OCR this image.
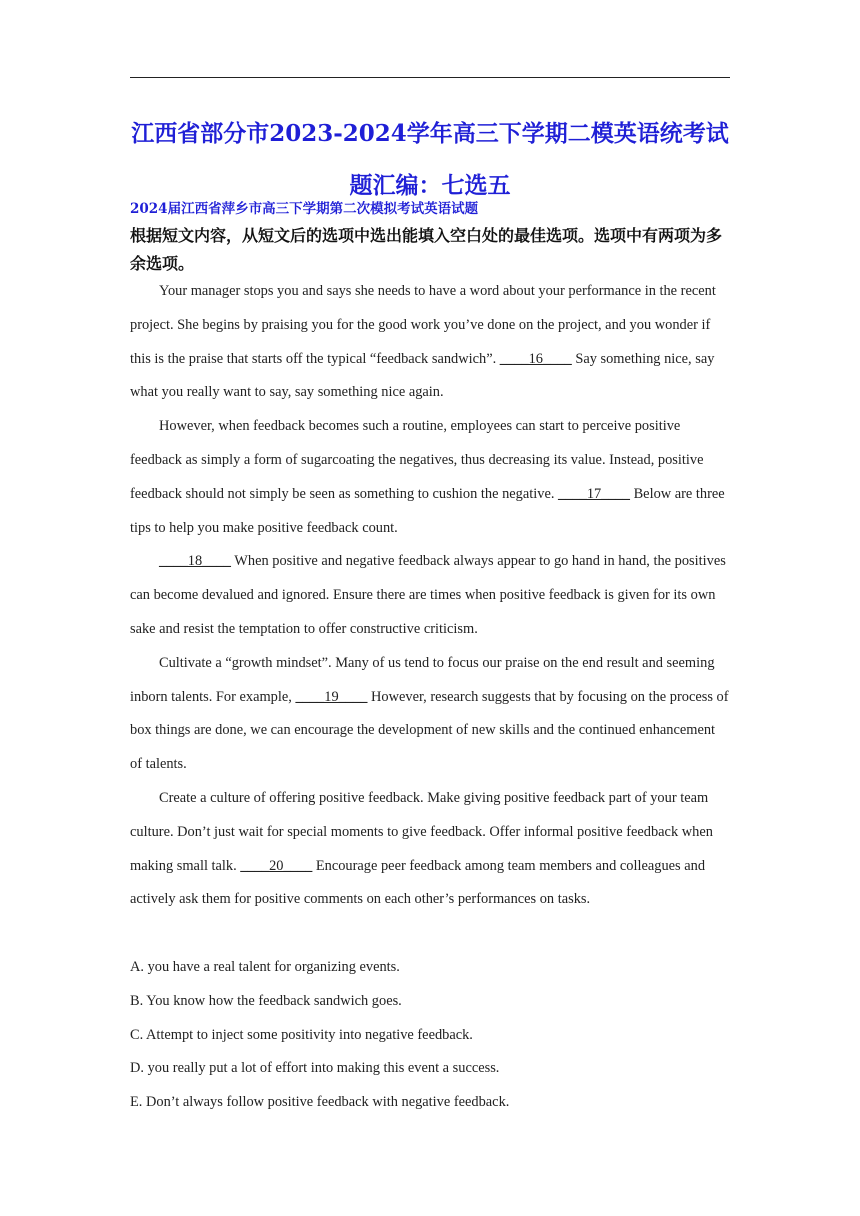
江西省部分市2023-2024学年高三下学期二模英语统考试题汇编：七选五
2024届江西省萍乡市高三下学期第二次模拟考试英语试题
根据短文内容，从短文后的选项中选出能填入空白处的最佳选项。选项中有两项为多余选项。

Your manager stops you and says she needs to have a word about your performance in the recent project. She begins by praising you for the good work you’ve done on the project, and you wonder if this is the praise that starts off the typical “feedback sandwich”. ____16____ Say something nice, say what you really want to say, say something nice again.

However, when feedback becomes such a routine, employees can start to perceive positive feedback as simply a form of sugarcoating the negatives, thus decreasing its value. Instead, positive feedback should not simply be seen as something to cushion the negative. ____17____ Below are three tips to help you make positive feedback count.

____18____ When positive and negative feedback always appear to go hand in hand, the positives can become devalued and ignored. Ensure there are times when positive feedback is given for its own sake and resist the temptation to offer constructive criticism.

Cultivate a “growth mindset”. Many of us tend to focus our praise on the end result and seeming inborn talents. For example, ____19____ However, research suggests that by focusing on the process of box things are done, we can encourage the development of new skills and the continued enhancement of talents.

Create a culture of offering positive feedback. Make giving positive feedback part of your team culture. Don’t just wait for special moments to give feedback. Offer informal positive feedback when making small talk. ____20____ Encourage peer feedback among team members and colleagues and actively ask them for positive comments on each other’s performances on tasks.

A. you have a real talent for organizing events.
B. You know how the feedback sandwich goes.
C. Attempt to inject some positivity into negative feedback.
D. you really put a lot of effort into making this event a success.
E. Don’t always follow positive feedback with negative feedback.
